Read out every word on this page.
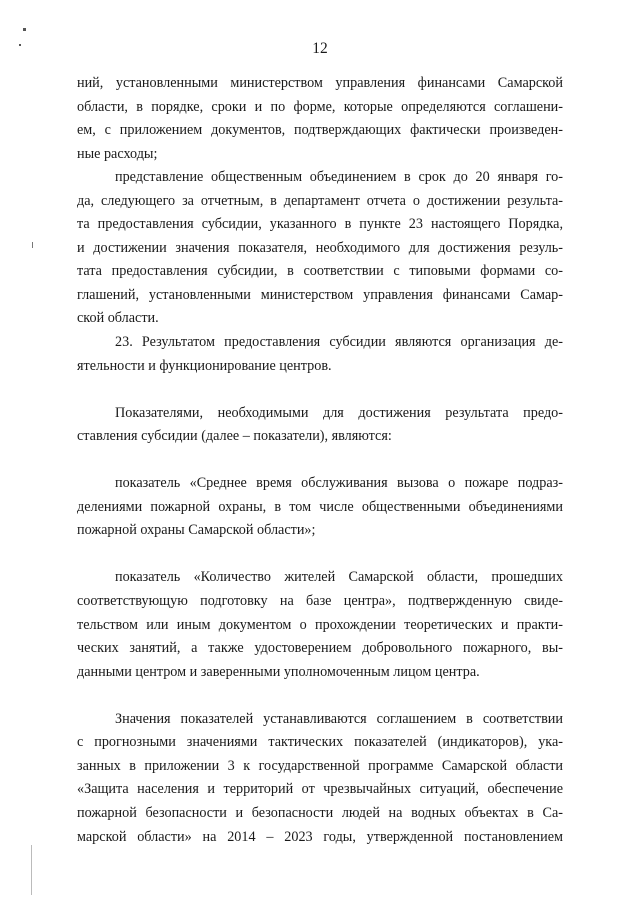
12
ний, установленными министерством управления финансами Самарской
области, в порядке, сроки и по форме, которые определяются соглашени-
ем, с приложением документов, подтверждающих фактически произведен-
ные расходы;
представление общественным объединением в срок до 20 января го-
да, следующего за отчетным, в департамент отчета о достижении результа-
та предоставления субсидии, указанного в пункте 23 настоящего Порядка,
и достижении значения показателя, необходимого для достижения резуль-
тата предоставления субсидии, в соответствии с типовыми формами со-
глашений, установленными министерством управления финансами Самар-
ской области.
23. Результатом предоставления субсидии являются организация де-
ятельности и функционирование центров.
Показателями, необходимыми для достижения результата предо-
ставления субсидии (далее – показатели), являются:
показатель «Среднее время обслуживания вызова о пожаре подраз-
делениями пожарной охраны, в том числе общественными объединениями
пожарной охраны Самарской области»;
показатель «Количество жителей Самарской области, прошедших
соответствующую подготовку на базе центра», подтвержденную свиде-
тельством или иным документом о прохождении теоретических и практи-
ческих занятий, а также удостоверением добровольного пожарного, вы-
данными центром и заверенными уполномоченным лицом центра.
Значения показателей устанавливаются соглашением в соответствии
с прогнозными значениями тактических показателей (индикаторов), ука-
занных в приложении 3 к государственной программе Самарской области
«Защита населения и территорий от чрезвычайных ситуаций, обеспечение
пожарной безопасности и безопасности людей на водных объектах в Са-
марской области» на 2014 – 2023 годы, утвержденной постановлением
